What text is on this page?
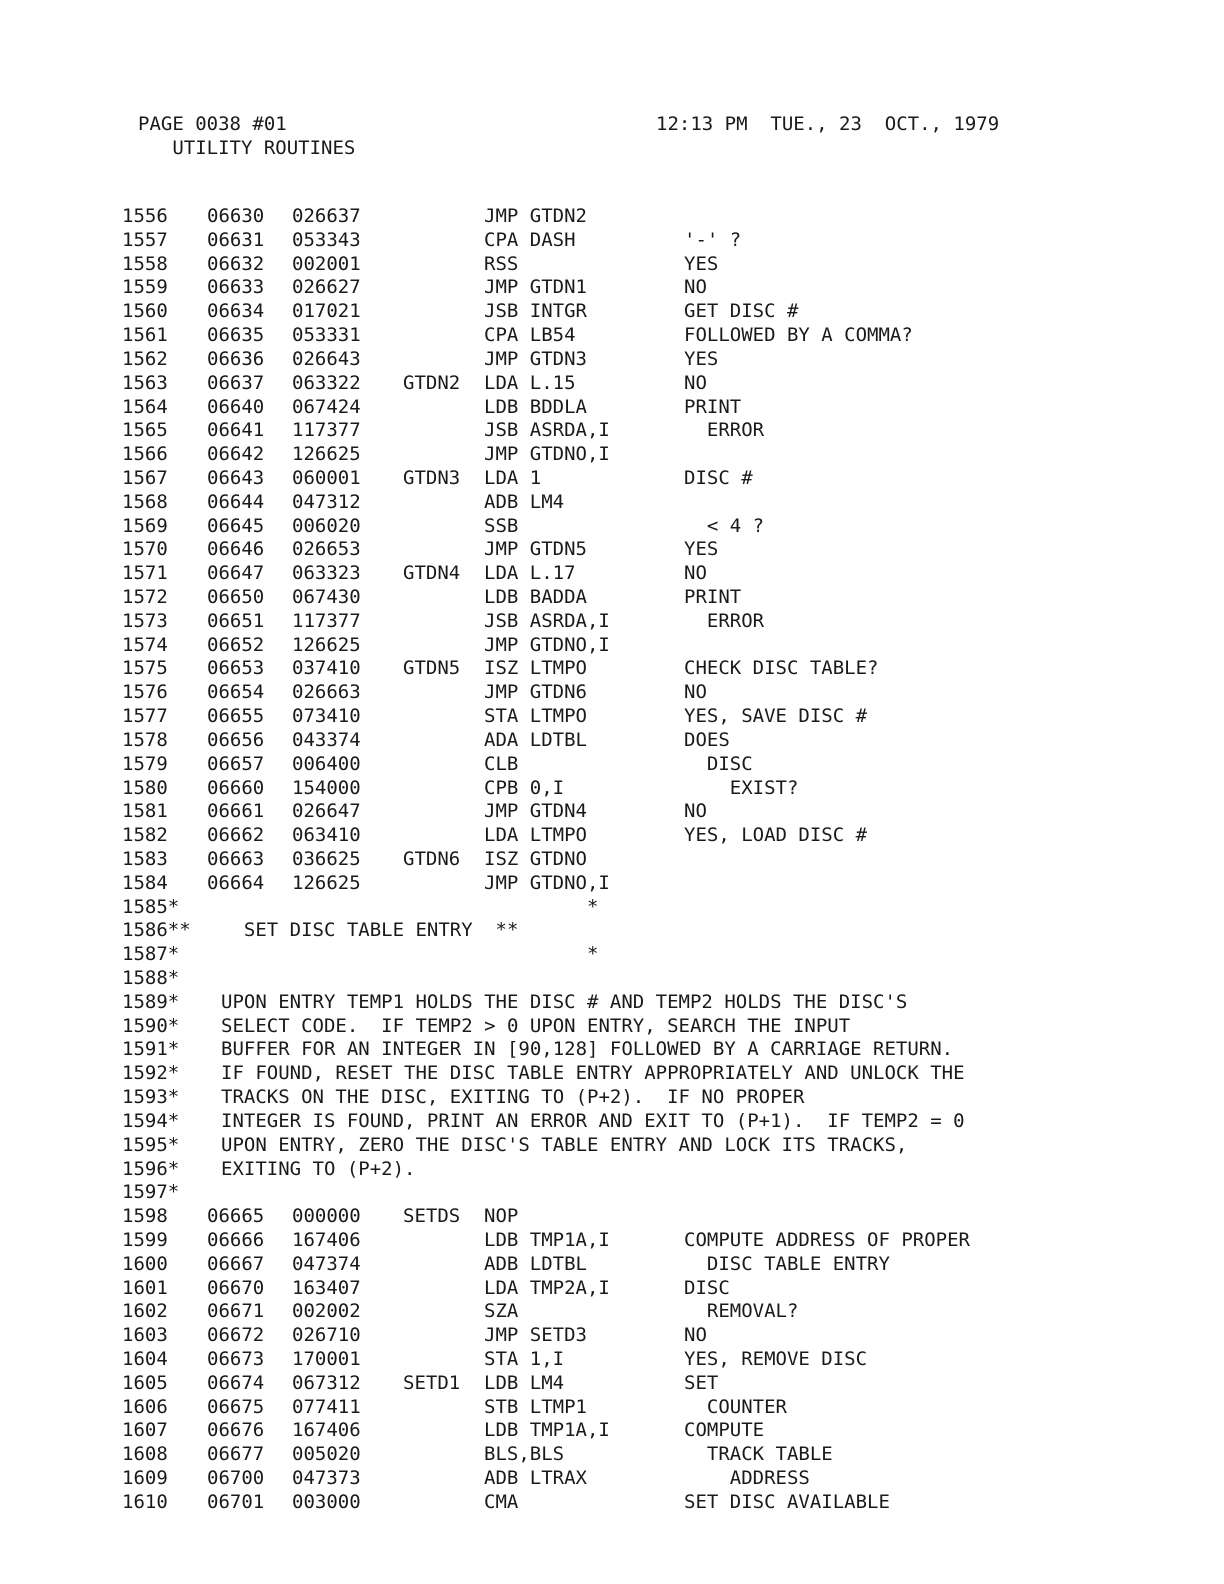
PAGE 0038 #01
UTILITY ROUTINES
12:13 PM  TUE., 23  OCT., 1979
1556 06630 026637	JMP GTDN2
1557 06631 053343	CPA DASH	'-' ?
1558 06632 002001	RSS	YES
1559 06633 026627	JMP GTDN1	NO
1560 06634 017021	JSB INTGR	GET DISC #
1561 06635 053331	CPA LB54	FOLLOWED BY A COMMA?
1562 06636 026643	JMP GTDN3	YES
1563 06637 063322 GTDN2 LDA L.15	NO
1564 06640 067424	LDB BDDLA	PRINT
1565 06641 117377	JSB ASRDA,I	ERROR
1566 06642 126625	JMP GTDNO,I
1567 06643 060001 GTDN3 LDA 1	DISC #
1568 06644 047312	ADB LM4
1569 06645 006020	SSB	< 4 ?
1570 06646 026653	JMP GTDN5	YES
1571 06647 063323 GTDN4 LDA L.17	NO
1572 06650 067430	LDB BADDA	PRINT
1573 06651 117377	JSB ASRDA,I	ERROR
1574 06652 126625	JMP GTDNO,I
1575 06653 037410 GTDN5 ISZ LTMPO	CHECK DISC TABLE?
1576 06654 026663	JMP GTDN6	NO
1577 06655 073410	STA LTMPO	YES, SAVE DISC #
1578 06656 043374	ADA LDTBL	DOES
1579 06657 006400	CLB	DISC
1580 06660 154000	CPB 0,I	EXIST?
1581 06661 026647	JMP GTDN4	NO
1582 06662 063410	LDA LTMPO	YES, LOAD DISC #
1583 06663 036625 GTDN6 ISZ GTDNO
1584 06664 126625	JMP GTDNO,I
1585* *
1586** SET DISC TABLE ENTRY  **
1587* *
1588*
1589* UPON ENTRY TEMP1 HOLDS THE DISC # AND TEMP2 HOLDS THE DISC'S
1590* SELECT CODE.  IF TEMP2 > 0 UPON ENTRY, SEARCH THE INPUT
1591* BUFFER FOR AN INTEGER IN [90,128] FOLLOWED BY A CARRIAGE RETURN.
1592* IF FOUND, RESET THE DISC TABLE ENTRY APPROPRIATELY AND UNLOCK THE
1593* TRACKS ON THE DISC, EXITING TO (P+2).  IF NO PROPER
1594* INTEGER IS FOUND, PRINT AN ERROR AND EXIT TO (P+1).  IF TEMP2 = 0
1595* UPON ENTRY, ZERO THE DISC'S TABLE ENTRY AND LOCK ITS TRACKS,
1596* EXITING TO (P+2).
1597*
1598 06665 000000 SETDS NOP
1599 06666 167406	LDB TMP1A,I	COMPUTE ADDRESS OF PROPER
1600 06667 047374	ADB LDTBL	DISC TABLE ENTRY
1601 06670 163407	LDA TMP2A,I	DISC
1602 06671 002002	SZA	REMOVAL?
1603 06672 026710	JMP SETD3	NO
1604 06673 170001	STA 1,I	YES, REMOVE DISC
1605 06674 067312 SETD1 LDB LM4	SET
1606 06675 077411	STB LTMP1	COUNTER
1607 06676 167406	LDB TMP1A,I	COMPUTE
1608 06677 005020	BLS,BLS	TRACK TABLE
1609 06700 047373	ADB LTRAX	ADDRESS
1610 06701 003000	CMA	SET DISC AVAILABLE
